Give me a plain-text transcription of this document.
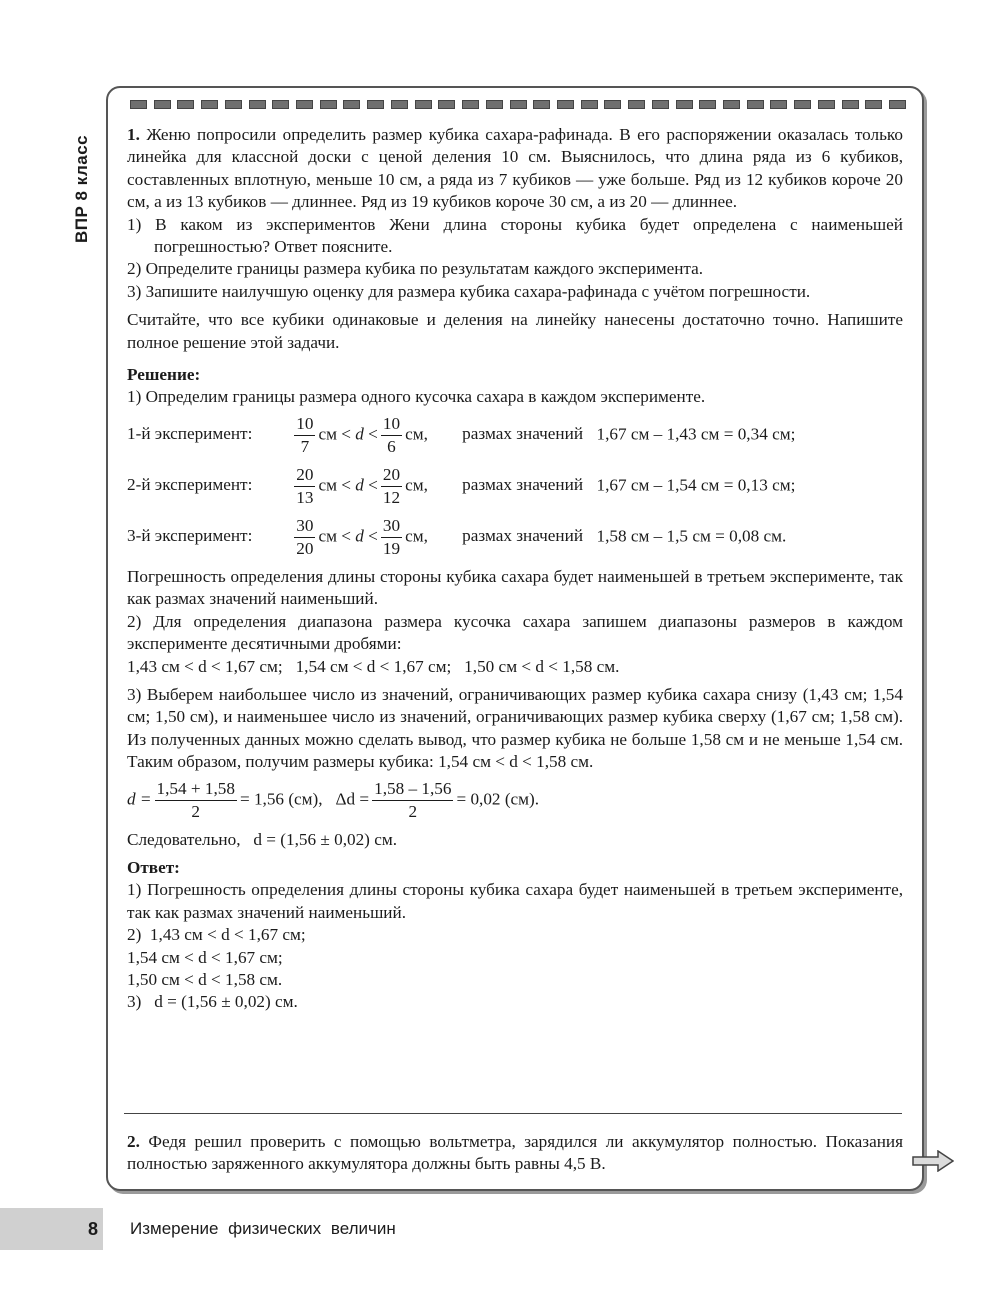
ВПР 8 класс

1. Женю попросили определить размер кубика сахара-рафинада. В его распоряжении оказалась только линейка для классной доски с ценой деления 10 см. Выяснилось, что длина ряда из 6 кубиков, составленных вплотную, меньше 10 см, а ряда из 7 кубиков — уже больше. Ряд из 12 кубиков короче 20 см, а из 13 кубиков — длиннее. Ряд из 19 кубиков короче 30 см, а из 20 — длиннее.

1) В каком из экспериментов Жени длина стороны кубика будет определена с наименьшей погрешностью? Ответ поясните.

2) Определите границы размера кубика по результатам каждого эксперимента.

3) Запишите наилучшую оценку для размера кубика сахара-рафинада с учётом погрешности.

Считайте, что все кубики одинаковые и деления на линейку нанесены достаточно точно. Напишите полное решение этой задачи.

Решение:

1) Определим границы размера одного кусочка сахара в каждом эксперименте.

1-й эксперимент: $\frac{10}{7}$ см < $d < \frac{10}{6}$ см, размах значений 1,67 см – 1,43 см = 0,34 см;
2-й эксперимент: $\frac{20}{13}$ см < $d < \frac{20}{12}$ см, размах значений 1,67 см – 1,54 см = 0,13 см;
3-й эксперимент: $\frac{30}{20}$ см < $d < \frac{30}{19}$ см, размах значений 1,58 см – 1,5 см = 0,08 см.

Погрешность определения длины стороны кубика сахара будет наименьшей в третьем эксперименте, так как размах значений наименьший.

2) Для определения диапазона размера кусочка сахара запишем диапазоны размеров в каждом эксперименте десятичными дробями:

1,43 см < d < 1,67 см;   1,54 см < d < 1,67 см;   1,50 см < d < 1,58 см.

3) Выберем наибольшее число из значений, ограничивающих размер кубика сахара снизу (1,43 см; 1,54 см; 1,50 см), и наименьшее число из значений, ограничивающих размер кубика сверху (1,67 см; 1,58 см). Из полученных данных можно сделать вывод, что размер кубика не больше 1,58 см и не меньше 1,54 см. Таким образом, получим размеры кубика: 1,54 см < d < 1,58 см.

$d = \frac{1,54 + 1,58}{2} = 1,56$ (см), $\Delta d = \frac{1,58 - 1,56}{2} = 0,02$ (см).

Следовательно, d = (1,56 ± 0,02) см.

Ответ:

1) Погрешность определения длины стороны кубика сахара будет наименьшей в третьем эксперименте, так как размах значений наименьший.

2) 1,43 см < d < 1,67 см;

1,54 см < d < 1,67 см;

1,50 см < d < 1,58 см.

3) d = (1,56 ± 0,02) см.

2. Федя решил проверить с помощью вольтметра, зарядился ли аккумулятор полностью. Показания полностью заряженного аккумулятора должны быть равны 4,5 В.
8 Измерение физических величин
